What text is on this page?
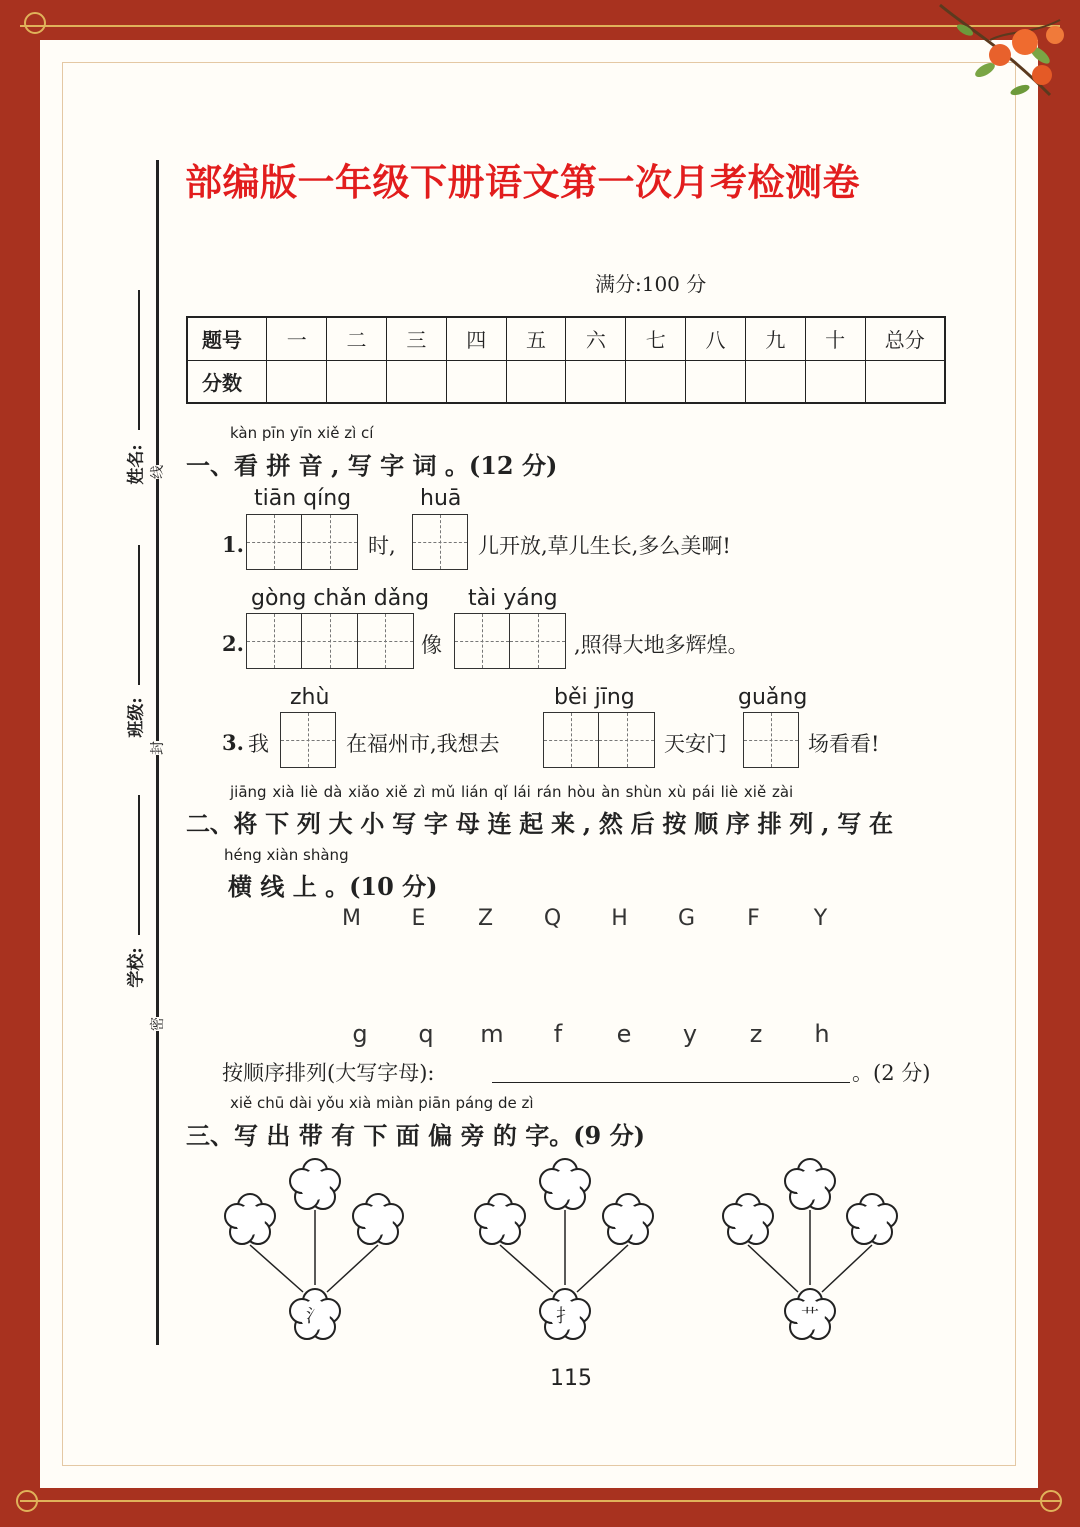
部编版一年级下册语文第一次月考检测卷
满分:100 分
题号	一	二	三	四	五	六	七	八	九	十	总分
分数											
姓名:
班级:
学校:
线
封
密
kàn pīn yīn xiě zì cí
一、看 拼 音 , 写 字 词 。(12 分)
1.
tiān qíng
时,
huā
儿开放,草儿生长,多么美啊!
2.
gòng chǎn dǎng
像
tài yáng
,照得大地多辉煌。
3. 我
zhù
在福州市,我想去
běi jīng
天安门
guǎng
场看看!
jiāng xià liè dà xiǎo xiě zì mǔ lián qǐ lái rán hòu àn shùn xù pái liè xiě zài
二、将 下 列 大 小 写 字 母 连 起 来 , 然 后 按 顺 序 排 列 , 写 在
héng xiàn shàng
横 线 上 。(10 分)
M	E	Z	Q	H	G	F	Y
g	q	m	f	e	y	z	h
按顺序排列(大写字母):	。(2 分)
xiě chū dài yǒu xià miàn piān páng de zì
三、写 出 带 有 下 面 偏 旁 的 字。(9 分)
氵	扌	艹
115
